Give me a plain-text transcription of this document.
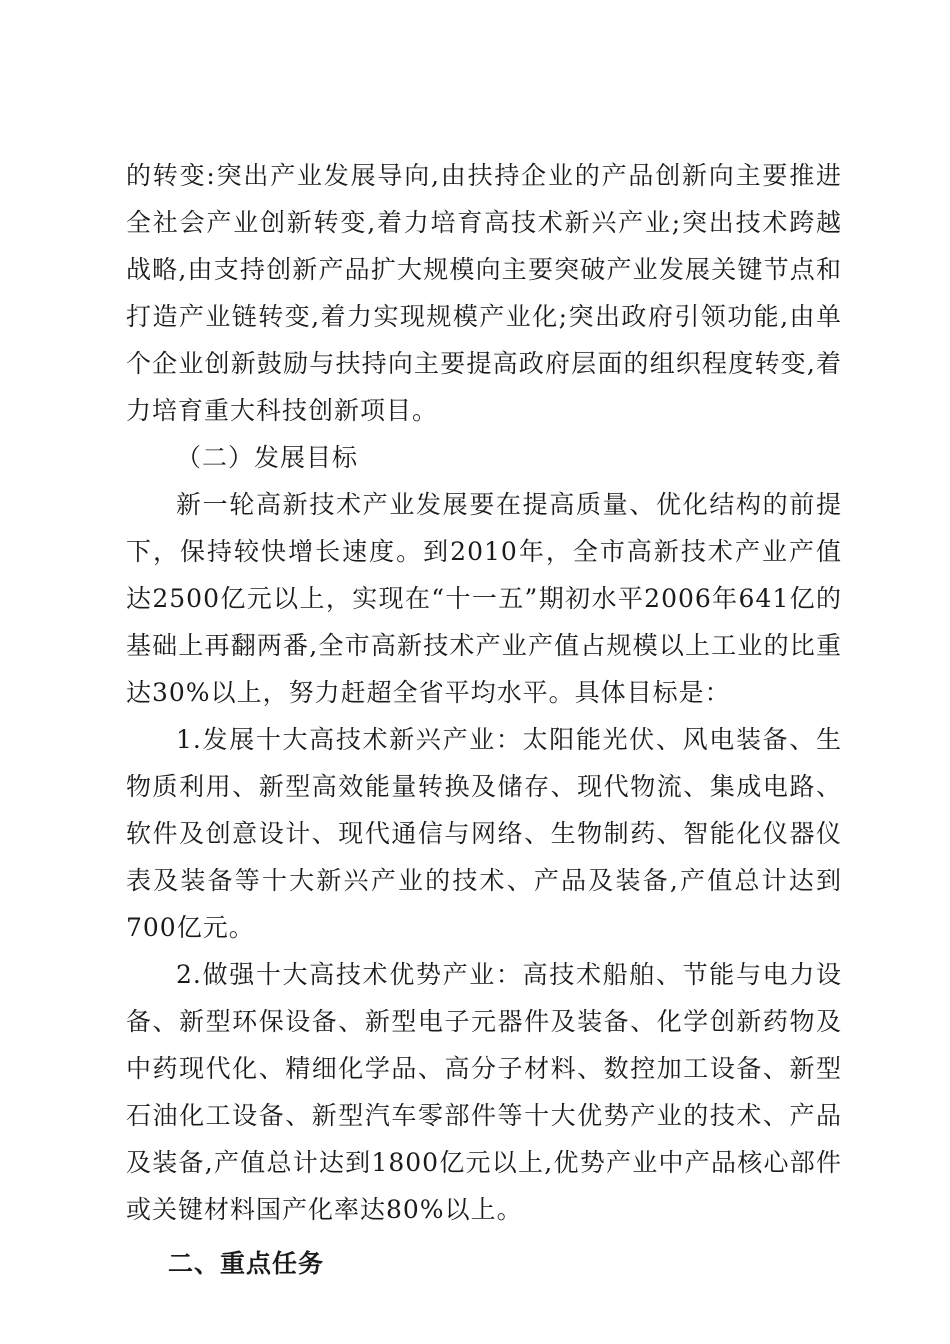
的转变:突出产业发展导向,由扶持企业的产品创新向主要推进全社会产业创新转变,着力培育高技术新兴产业;突出技术跨越战略,由支持创新产品扩大规模向主要突破产业发展关键节点和打造产业链转变,着力实现规模产业化;突出政府引领功能,由单个企业创新鼓励与扶持向主要提高政府层面的组织程度转变,着力培育重大科技创新项目。

（二）发展目标

新一轮高新技术产业发展要在提高质量、优化结构的前提下，保持较快增长速度。到2010年，全市高新技术产业产值达2500亿元以上，实现在“十一五”期初水平2006年641亿的基础上再翻两番,全市高新技术产业产值占规模以上工业的比重达30%以上，努力赶超全省平均水平。具体目标是：

1.发展十大高技术新兴产业：太阳能光伏、风电装备、生物质利用、新型高效能量转换及储存、现代物流、集成电路、软件及创意设计、现代通信与网络、生物制药、智能化仪器仪表及装备等十大新兴产业的技术、产品及装备,产值总计达到700亿元。

2.做强十大高技术优势产业：高技术船舶、节能与电力设备、新型环保设备、新型电子元器件及装备、化学创新药物及中药现代化、精细化学品、高分子材料、数控加工设备、新型石油化工设备、新型汽车零部件等十大优势产业的技术、产品及装备,产值总计达到1800亿元以上,优势产业中产品核心部件或关键材料国产化率达80%以上。

二、重点任务
